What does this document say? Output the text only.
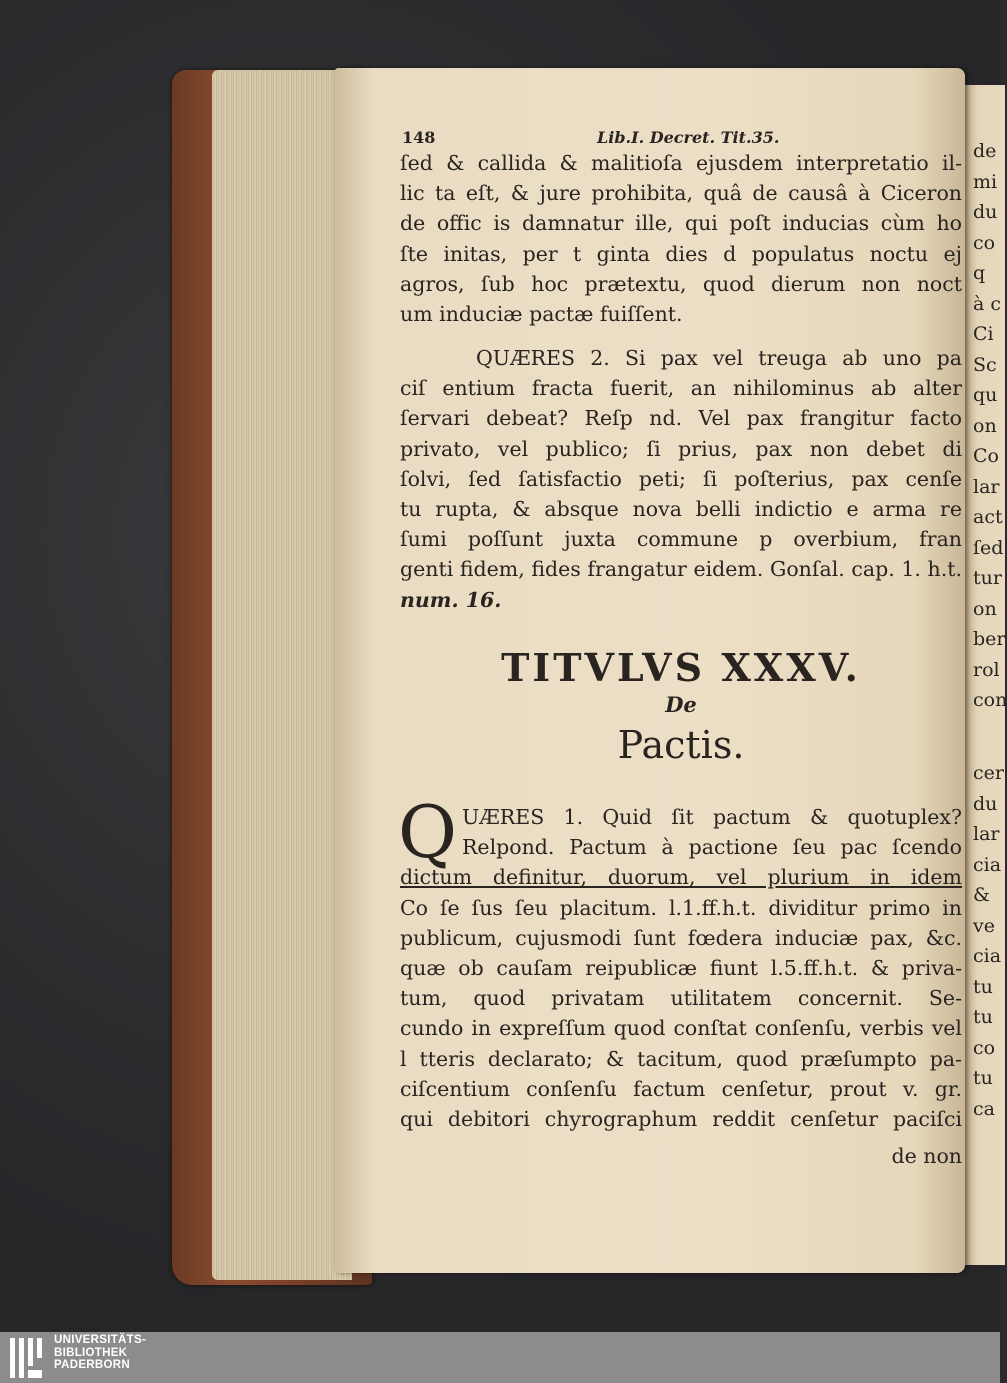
148	Lib.I. Decret. Tit.35.
ſed & callida & malitioſa ejusdem interpretatio il-
lic ta eſt, & jure prohibita, quâ de causâ à Ciceron
de offic is damnatur ille, qui poſt inducias cùm ho
ſte initas, per t ginta dies d populatus noctu ej
agros, ſub hoc prætextu, quod dierum non noct
um induciæ pactæ fuiſſent.
QUÆRES 2. Si pax vel treuga ab uno pa
ciſ entium fracta fuerit, an nihilominus ab alter
ſervari debeat? Reſp nd. Vel pax frangitur facto
privato, vel publico; ſi prius, pax non debet di
ſolvi, ſed ſatisfactio peti; ſi poſterius, pax cenſe
tu rupta, & absque nova belli indictio e arma re
ſumi poſſunt juxta commune p overbium, fran
genti fidem, fides frangatur eidem. Gonſal. cap. 1. h.t.
num. 16.
TITVLVS XXXV.
De
Pactis.
Q UÆRES 1. Quid ſit pactum & quotuplex?
Relpond. Pactum à pactione ſeu pac ſcendo
dictum definitur, duorum, vel plurium in idem
Co ſe ſus ſeu placitum. l.1.ff.h.t. dividitur primo in
publicum, cujusmodi ſunt fœdera induciæ pax, &c.
quæ ob cauſam reipublicæ fiunt l.5.ff.h.t. & priva-
tum, quod privatam utilitatem concernit. Se-
cundo in expreſſum quod conſtat conſenſu, verbis vel
l tteris declarato; & tacitum, quod præſumpto pa-
ciſcentium conſenſu factum cenſetur, prout v. gr.
qui debitori chyrographum reddit cenſetur paciſci
de non
de
mi
du
co
q
à c
Ci
Sc
qu
on
Co
lar
act
ſed
tur
on
ber
rol
con
cer
du
lar
cia
&
ve
cia
tu
tu
co
tu
ca
UNIVERSITÄTS-
BIBLIOTHEK
PADERBORN
